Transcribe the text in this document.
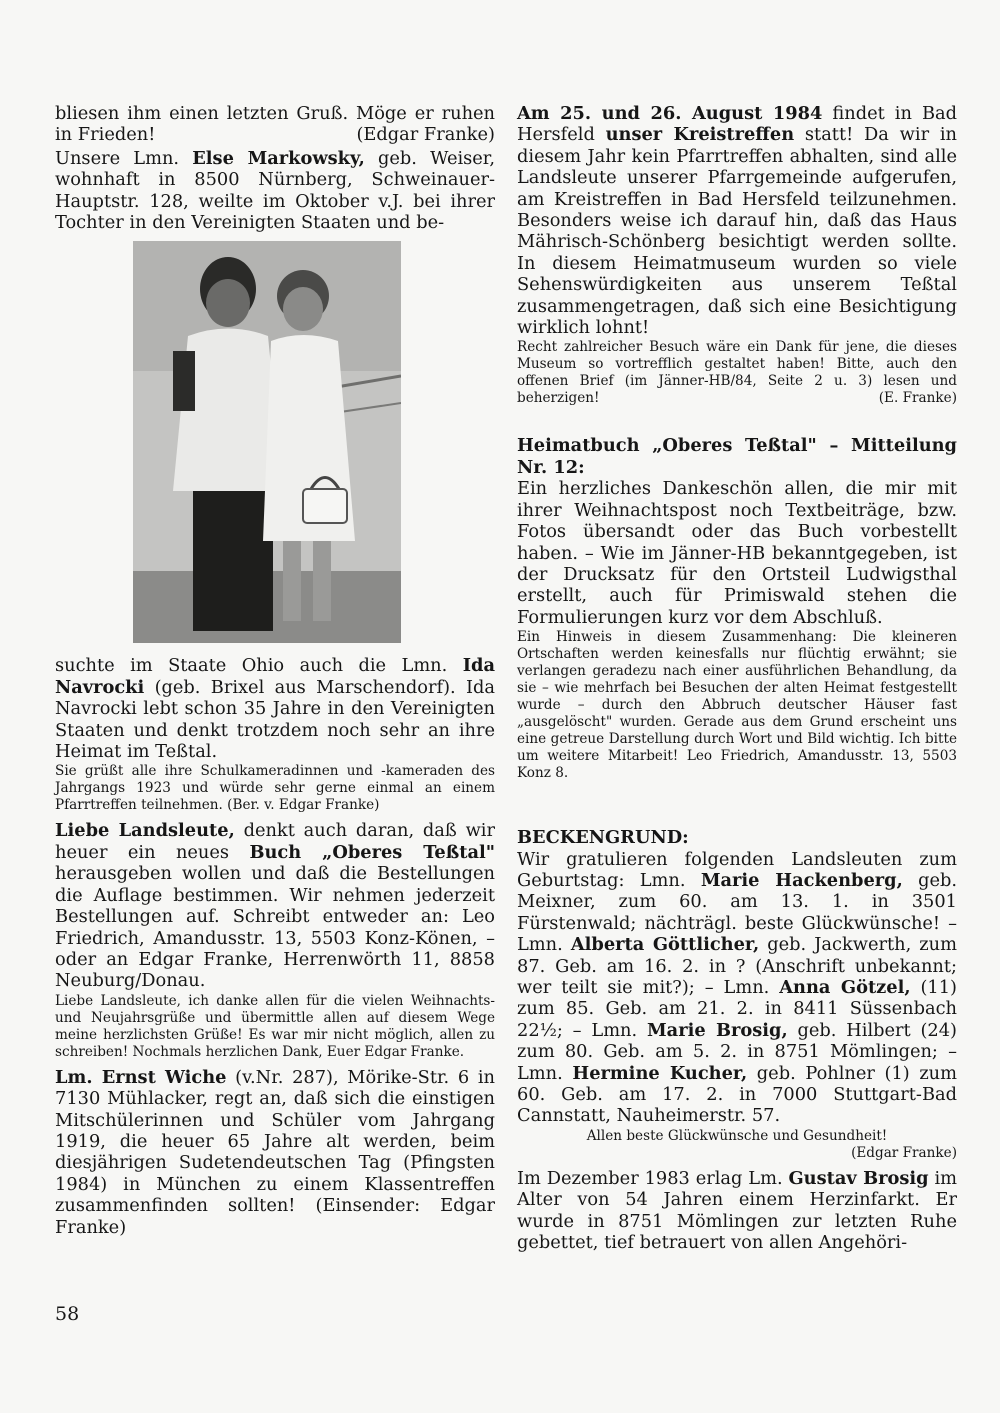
bliesen ihm einen letzten Gruß. Möge er ruhen in Frieden!	(Edgar Franke)

Unsere Lmn. Else Markowsky, geb. Weiser, wohnhaft in 8500 Nürnberg, Schweinauer-Hauptstr. 128, weilte im Oktober v.J. bei ihrer Tochter in den Vereinigten Staaten und be-

suchte im Staate Ohio auch die Lmn. Ida Navrocki (geb. Brixel aus Marschendorf). Ida Navrocki lebt schon 35 Jahre in den Vereinigten Staaten und denkt trotzdem noch sehr an ihre Heimat im Teßtal.

Sie grüßt alle ihre Schulkameradinnen und -kameraden des Jahrgangs 1923 und würde sehr gerne einmal an einem Pfarrtreffen teilnehmen. (Ber. v. Edgar Franke)

Liebe Landsleute, denkt auch daran, daß wir heuer ein neues Buch „Oberes Teßtal" herausgeben wollen und daß die Bestellungen die Auflage bestimmen. Wir nehmen jederzeit Bestellungen auf. Schreibt entweder an: Leo Friedrich, Amandusstr. 13, 5503 Konz-Könen, – oder an Edgar Franke, Herrenwörth 11, 8858 Neuburg/Donau.

Liebe Landsleute, ich danke allen für die vielen Weihnachts- und Neujahrsgrüße und übermittle allen auf diesem Wege meine herzlichsten Grüße! Es war mir nicht möglich, allen zu schreiben! Nochmals herzlichen Dank, Euer Edgar Franke.

Lm. Ernst Wiche (v.Nr. 287), Mörike-Str. 6 in 7130 Mühlacker, regt an, daß sich die einstigen Mitschülerinnen und Schüler vom Jahrgang 1919, die heuer 65 Jahre alt werden, beim diesjährigen Sudetendeutschen Tag (Pfingsten 1984) in München zu einem Klassentreffen zusammenfinden sollten! (Einsender: Edgar Franke)

Am 25. und 26. August 1984 findet in Bad Hersfeld unser Kreistreffen statt! Da wir in diesem Jahr kein Pfarrtreffen abhalten, sind alle Landsleute unserer Pfarrgemeinde aufgerufen, am Kreistreffen in Bad Hersfeld teilzunehmen. Besonders weise ich darauf hin, daß das Haus Mährisch-Schönberg besichtigt werden sollte. In diesem Heimatmuseum wurden so viele Sehenswürdigkeiten aus unserem Teßtal zusammengetragen, daß sich eine Besichtigung wirklich lohnt!

Recht zahlreicher Besuch wäre ein Dank für jene, die dieses Museum so vortrefflich gestaltet haben! Bitte, auch den offenen Brief (im Jänner-HB/84, Seite 2 u. 3) lesen und beherzigen!	(E. Franke)

Heimatbuch „Oberes Teßtal" – Mitteilung Nr. 12:

Ein herzliches Dankeschön allen, die mir mit ihrer Weihnachtspost noch Textbeiträge, bzw. Fotos übersandt oder das Buch vorbestellt haben. – Wie im Jänner-HB bekanntgegeben, ist der Drucksatz für den Ortsteil Ludwigsthal erstellt, auch für Primiswald stehen die Formulierungen kurz vor dem Abschluß.

Ein Hinweis in diesem Zusammenhang: Die kleineren Ortschaften werden keinesfalls nur flüchtig erwähnt; sie verlangen geradezu nach einer ausführlichen Behandlung, da sie – wie mehrfach bei Besuchen der alten Heimat festgestellt wurde – durch den Abbruch deutscher Häuser fast „ausgelöscht" wurden. Gerade aus dem Grund erscheint uns eine getreue Darstellung durch Wort und Bild wichtig. Ich bitte um weitere Mitarbeit! Leo Friedrich, Amandusstr. 13, 5503 Konz 8.

BECKENGRUND:

Wir gratulieren folgenden Landsleuten zum Geburtstag: Lmn. Marie Hackenberg, geb. Meixner, zum 60. am 13. 1. in 3501 Fürstenwald; nächträgl. beste Glückwünsche! – Lmn. Alberta Göttlicher, geb. Jackwerth, zum 87. Geb. am 16. 2. in ? (Anschrift unbekannt; wer teilt sie mit?); – Lmn. Anna Götzel, (11) zum 85. Geb. am 21. 2. in 8411 Süssenbach 22½; – Lmn. Marie Brosig, geb. Hilbert (24) zum 80. Geb. am 5. 2. in 8751 Mömlingen; – Lmn. Hermine Kucher, geb. Pohlner (1) zum 60. Geb. am 17. 2. in 7000 Stuttgart-Bad Cannstatt, Nauheimerstr. 57.

Allen beste Glückwünsche und Gesundheit!

(Edgar Franke)

Im Dezember 1983 erlag Lm. Gustav Brosig im Alter von 54 Jahren einem Herzinfarkt. Er wurde in 8751 Mömlingen zur letzten Ruhe gebettet, tief betrauert von allen Angehöri-

58
